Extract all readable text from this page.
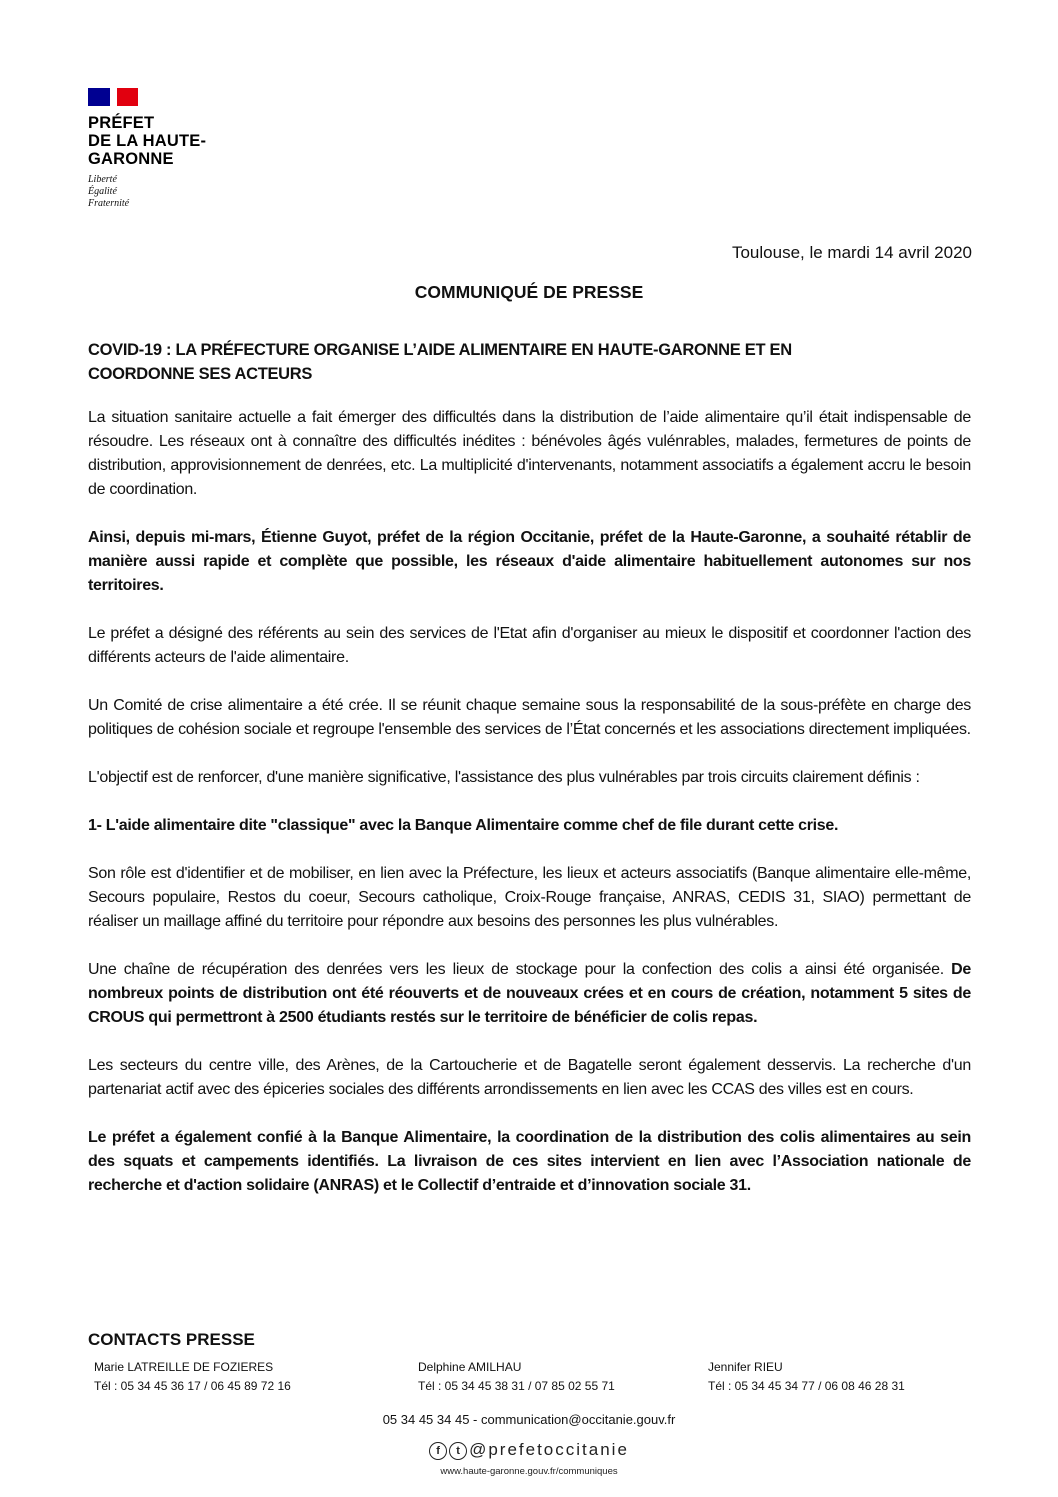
PRÉFET
DE LA HAUTE-
GARONNE
Liberté
Égalité
Fraternité
Toulouse, le mardi 14 avril 2020
COMMUNIQUÉ DE PRESSE
COVID-19 : LA PRÉFECTURE ORGANISE L’AIDE ALIMENTAIRE EN HAUTE-GARONNE ET EN
COORDONNE SES ACTEURS

La situation sanitaire actuelle a fait émerger des difficultés dans la distribution de l’aide alimentaire qu’il était indispensable de résoudre. Les réseaux ont à connaître des difficultés inédites : bénévoles âgés vulénrables, malades, fermetures de points de distribution, approvisionnement de denrées, etc. La multiplicité d'intervenants, notamment associatifs a également accru le besoin de coordination.

Ainsi, depuis mi-mars, Étienne Guyot, préfet de la région Occitanie, préfet de la Haute-Garonne, a souhaité rétablir de manière aussi rapide et complète que possible, les réseaux d'aide alimentaire habituellement autonomes sur nos territoires.

Le préfet a désigné des référents au sein des services de l'Etat afin d'organiser au mieux le dispositif et coordonner l'action des différents acteurs de l'aide alimentaire.

Un Comité de crise alimentaire a été crée. Il se réunit chaque semaine sous la responsabilité de la sous-préfète en charge des politiques de cohésion sociale et regroupe l'ensemble des services de l’État concernés et les associations directement impliquées.

L'objectif est de renforcer, d'une manière significative, l'assistance des plus vulnérables par trois circuits clairement définis :

1- L'aide alimentaire dite "classique" avec la Banque Alimentaire comme chef de file durant cette crise.

Son rôle est d'identifier et de mobiliser, en lien avec la Préfecture, les lieux et acteurs associatifs (Banque alimentaire elle-même, Secours populaire, Restos du coeur, Secours catholique, Croix-Rouge française, ANRAS, CEDIS 31, SIAO) permettant de réaliser un maillage affiné du territoire pour répondre aux besoins des personnes les plus vulnérables.

Une chaîne de récupération des denrées vers les lieux de stockage pour la confection des colis a ainsi été organisée. De nombreux points de distribution ont été réouverts et de nouveaux crées et en cours de création, notamment 5 sites de CROUS qui permettront à 2500 étudiants restés sur le territoire de bénéficier de colis repas.

Les secteurs du centre ville, des Arènes, de la Cartoucherie et de Bagatelle seront également desservis. La recherche d'un partenariat actif avec des épiceries sociales des différents arrondissements en lien avec les CCAS des villes est en cours.

Le préfet a également confié à la Banque Alimentaire, la coordination de la distribution des colis alimentaires au sein des squats et campements identifiés. La livraison de ces sites intervient en lien avec l’Association nationale de recherche et d'action solidaire (ANRAS) et le Collectif d’entraide et d’innovation sociale 31.

CONTACTS PRESSE
Marie LATREILLE DE FOZIERES
Tél : 05 34 45 36 17 / 06 45 89 72 16
Delphine AMILHAU
Tél : 05 34 45 38 31 / 07 85 02 55 71
Jennifer RIEU
Tél : 05 34 45 34 77 / 06 08 46 28 31
05 34 45 34 45 - communication@occitanie.gouv.fr
f t @prefetoccitanie
www.haute-garonne.gouv.fr/communiques
